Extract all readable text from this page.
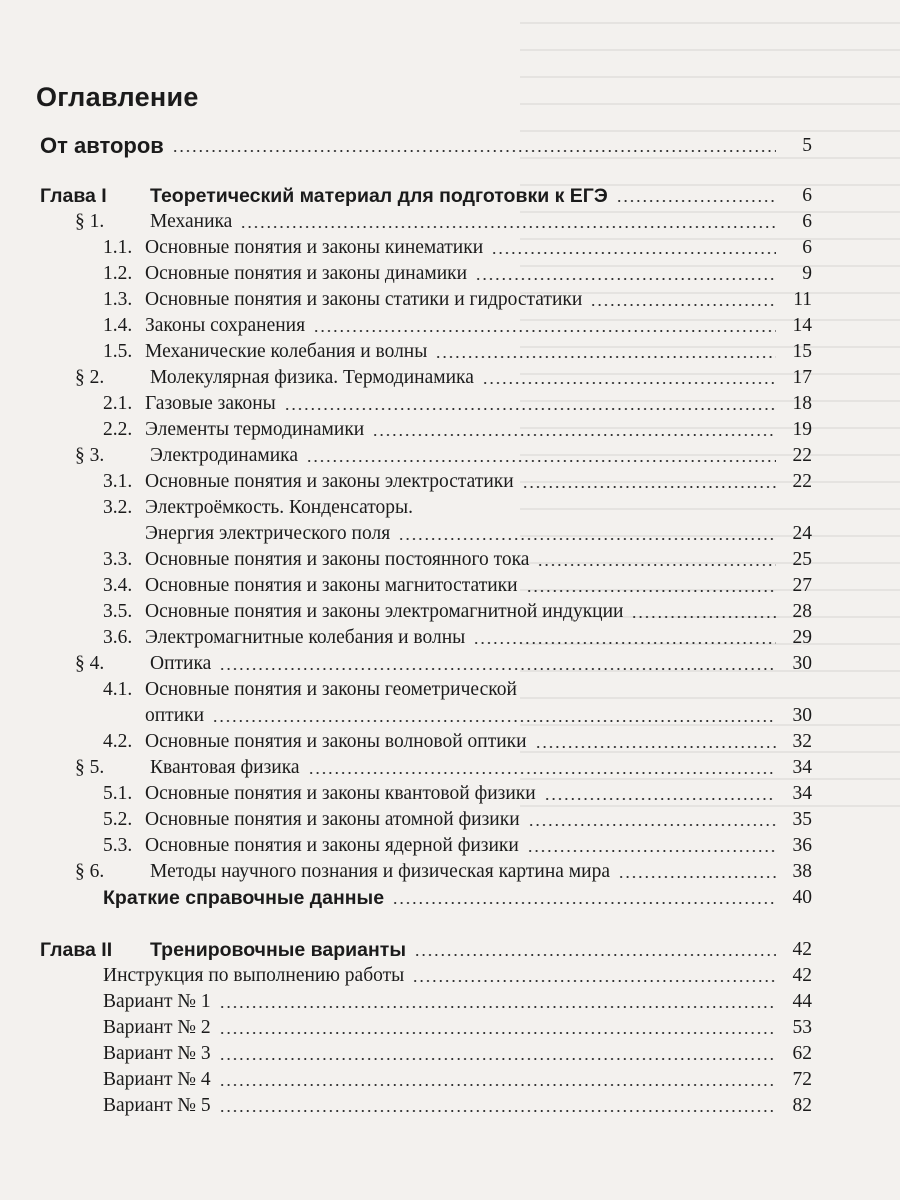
Оглавление
От авторов	5
Глава I Теоретический материал для подготовки к ЕГЭ	6
§ 1. Механика	6
1.1. Основные понятия и законы кинематики	6
1.2. Основные понятия и законы динамики	9
1.3. Основные понятия и законы статики и гидростатики	11
1.4. Законы сохранения	14
1.5. Механические колебания и волны	15
§ 2. Молекулярная физика. Термодинамика	17
2.1. Газовые законы	18
2.2. Элементы термодинамики	19
§ 3. Электродинамика	22
3.1. Основные понятия и законы электростатики	22
3.2. Электроёмкость. Конденсаторы.
Энергия электрического поля	24
3.3. Основные понятия и законы постоянного тока	25
3.4. Основные понятия и законы магнитостатики	27
3.5. Основные понятия и законы электромагнитной индукции	28
3.6. Электромагнитные колебания и волны	29
§ 4. Оптика	30
4.1. Основные понятия и законы геометрической
оптики	30
4.2. Основные понятия и законы волновой оптики	32
§ 5. Квантовая физика	34
5.1. Основные понятия и законы квантовой физики	34
5.2. Основные понятия и законы атомной физики	35
5.3. Основные понятия и законы ядерной физики	36
§ 6. Методы научного познания и физическая картина мира	38
Краткие справочные данные	40
Глава II Тренировочные варианты	42
Инструкция по выполнению работы	42
Вариант № 1	44
Вариант № 2	53
Вариант № 3	62
Вариант № 4	72
Вариант № 5	82
